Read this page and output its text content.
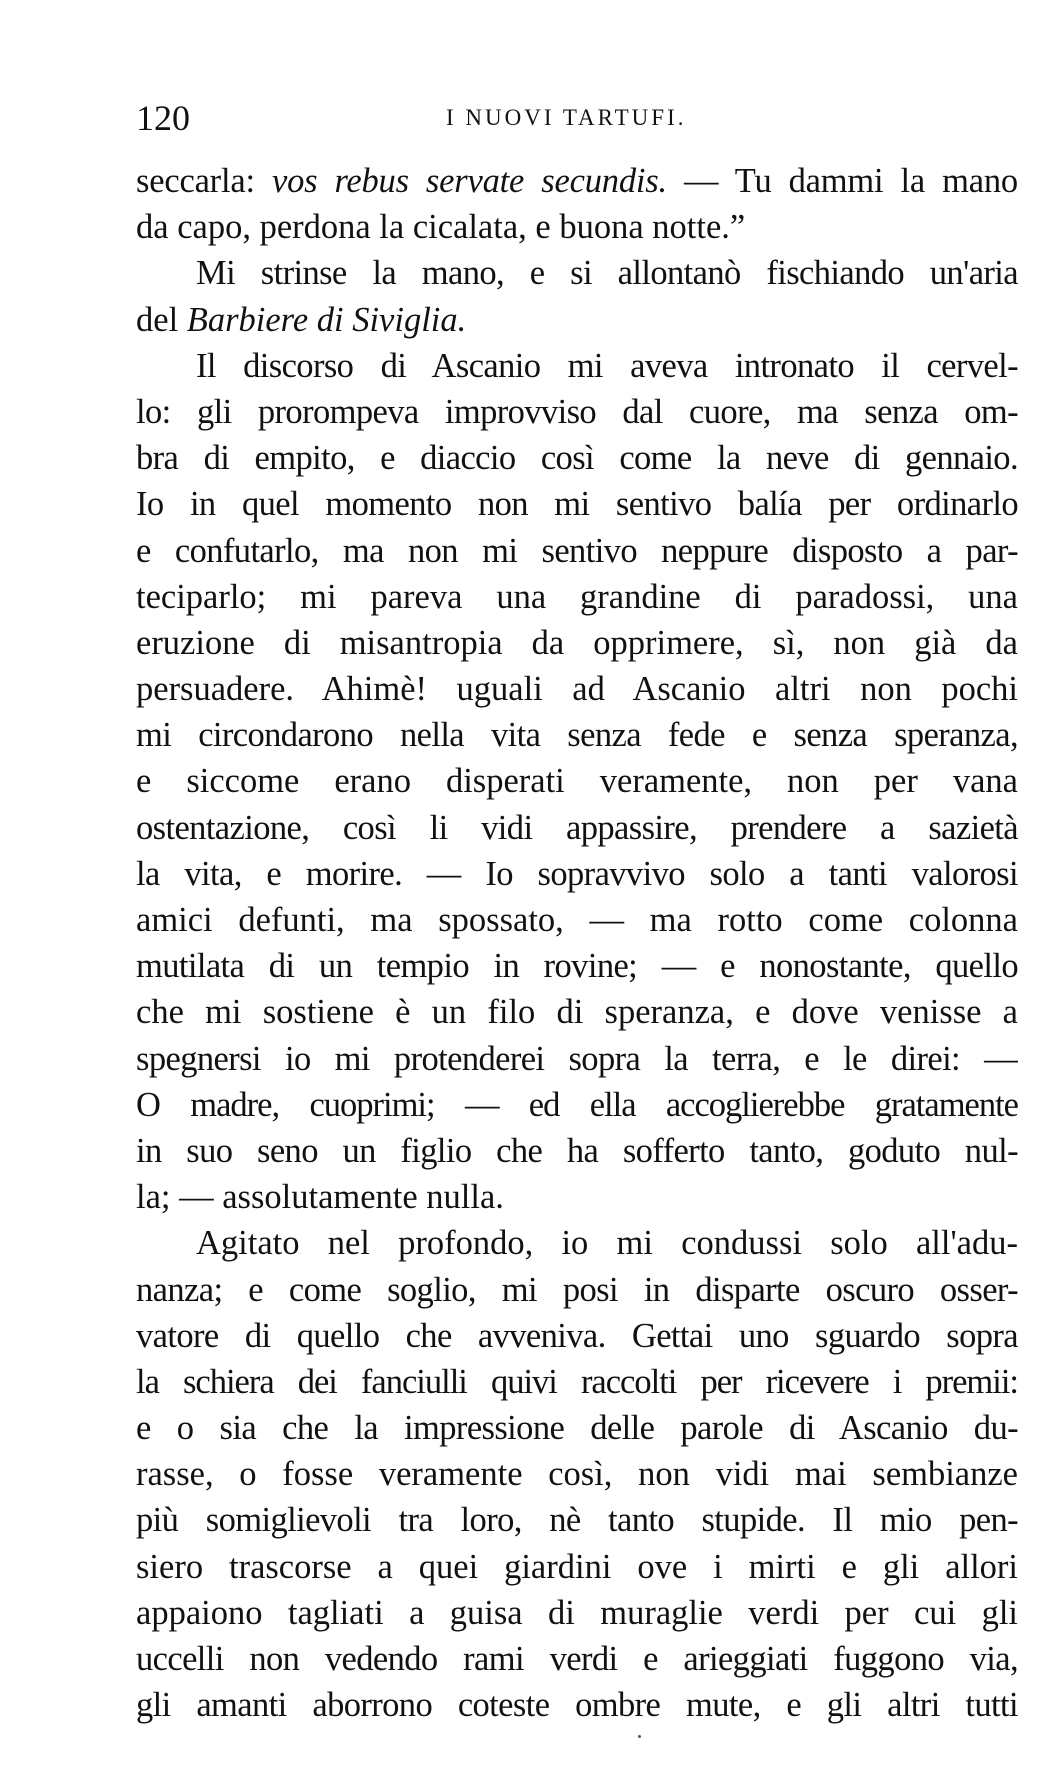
120	I NUOVI TARTUFI.
seccarla: vos rebus servate secundis. — Tu dammi la mano
da capo, perdona la cicalata, e buona notte.”
Mi strinse la mano, e si allontanò fischiando un'aria
del Barbiere di Siviglia.
Il discorso di Ascanio mi aveva intronato il cervel-
lo: gli prorompeva improvviso dal cuore, ma senza om-
bra di empito, e diaccio così come la neve di gennaio.
Io in quel momento non mi sentivo balía per ordinarlo
e confutarlo, ma non mi sentivo neppure disposto a par-
teciparlo; mi pareva una grandine di paradossi, una
eruzione di misantropia da opprimere, sì, non già da
persuadere. Ahimè! uguali ad Ascanio altri non pochi
mi circondarono nella vita senza fede e senza speranza,
e siccome erano disperati veramente, non per vana
ostentazione, così li vidi appassire, prendere a sazietà
la vita, e morire. — Io sopravvivo solo a tanti valorosi
amici defunti, ma spossato, — ma rotto come colonna
mutilata di un tempio in rovine; — e nonostante, quello
che mi sostiene è un filo di speranza, e dove venisse a
spegnersi io mi protenderei sopra la terra, e le direi: —
O madre, cuoprimi; — ed ella accoglierebbe gratamente
in suo seno un figlio che ha sofferto tanto, goduto nul-
la; — assolutamente nulla.
Agitato nel profondo, io mi condussi solo all'adu-
nanza; e come soglio, mi posi in disparte oscuro osser-
vatore di quello che avveniva. Gettai uno sguardo sopra
la schiera dei fanciulli quivi raccolti per ricevere i premii:
e o sia che la impressione delle parole di Ascanio du-
rasse, o fosse veramente così, non vidi mai sembianze
più somiglievoli tra loro, nè tanto stupide. Il mio pen-
siero trascorse a quei giardini ove i mirti e gli allori
appaiono tagliati a guisa di muraglie verdi per cui gli
uccelli non vedendo rami verdi e arieggiati fuggono via,
gli amanti aborrono coteste ombre mute, e gli altri tutti
